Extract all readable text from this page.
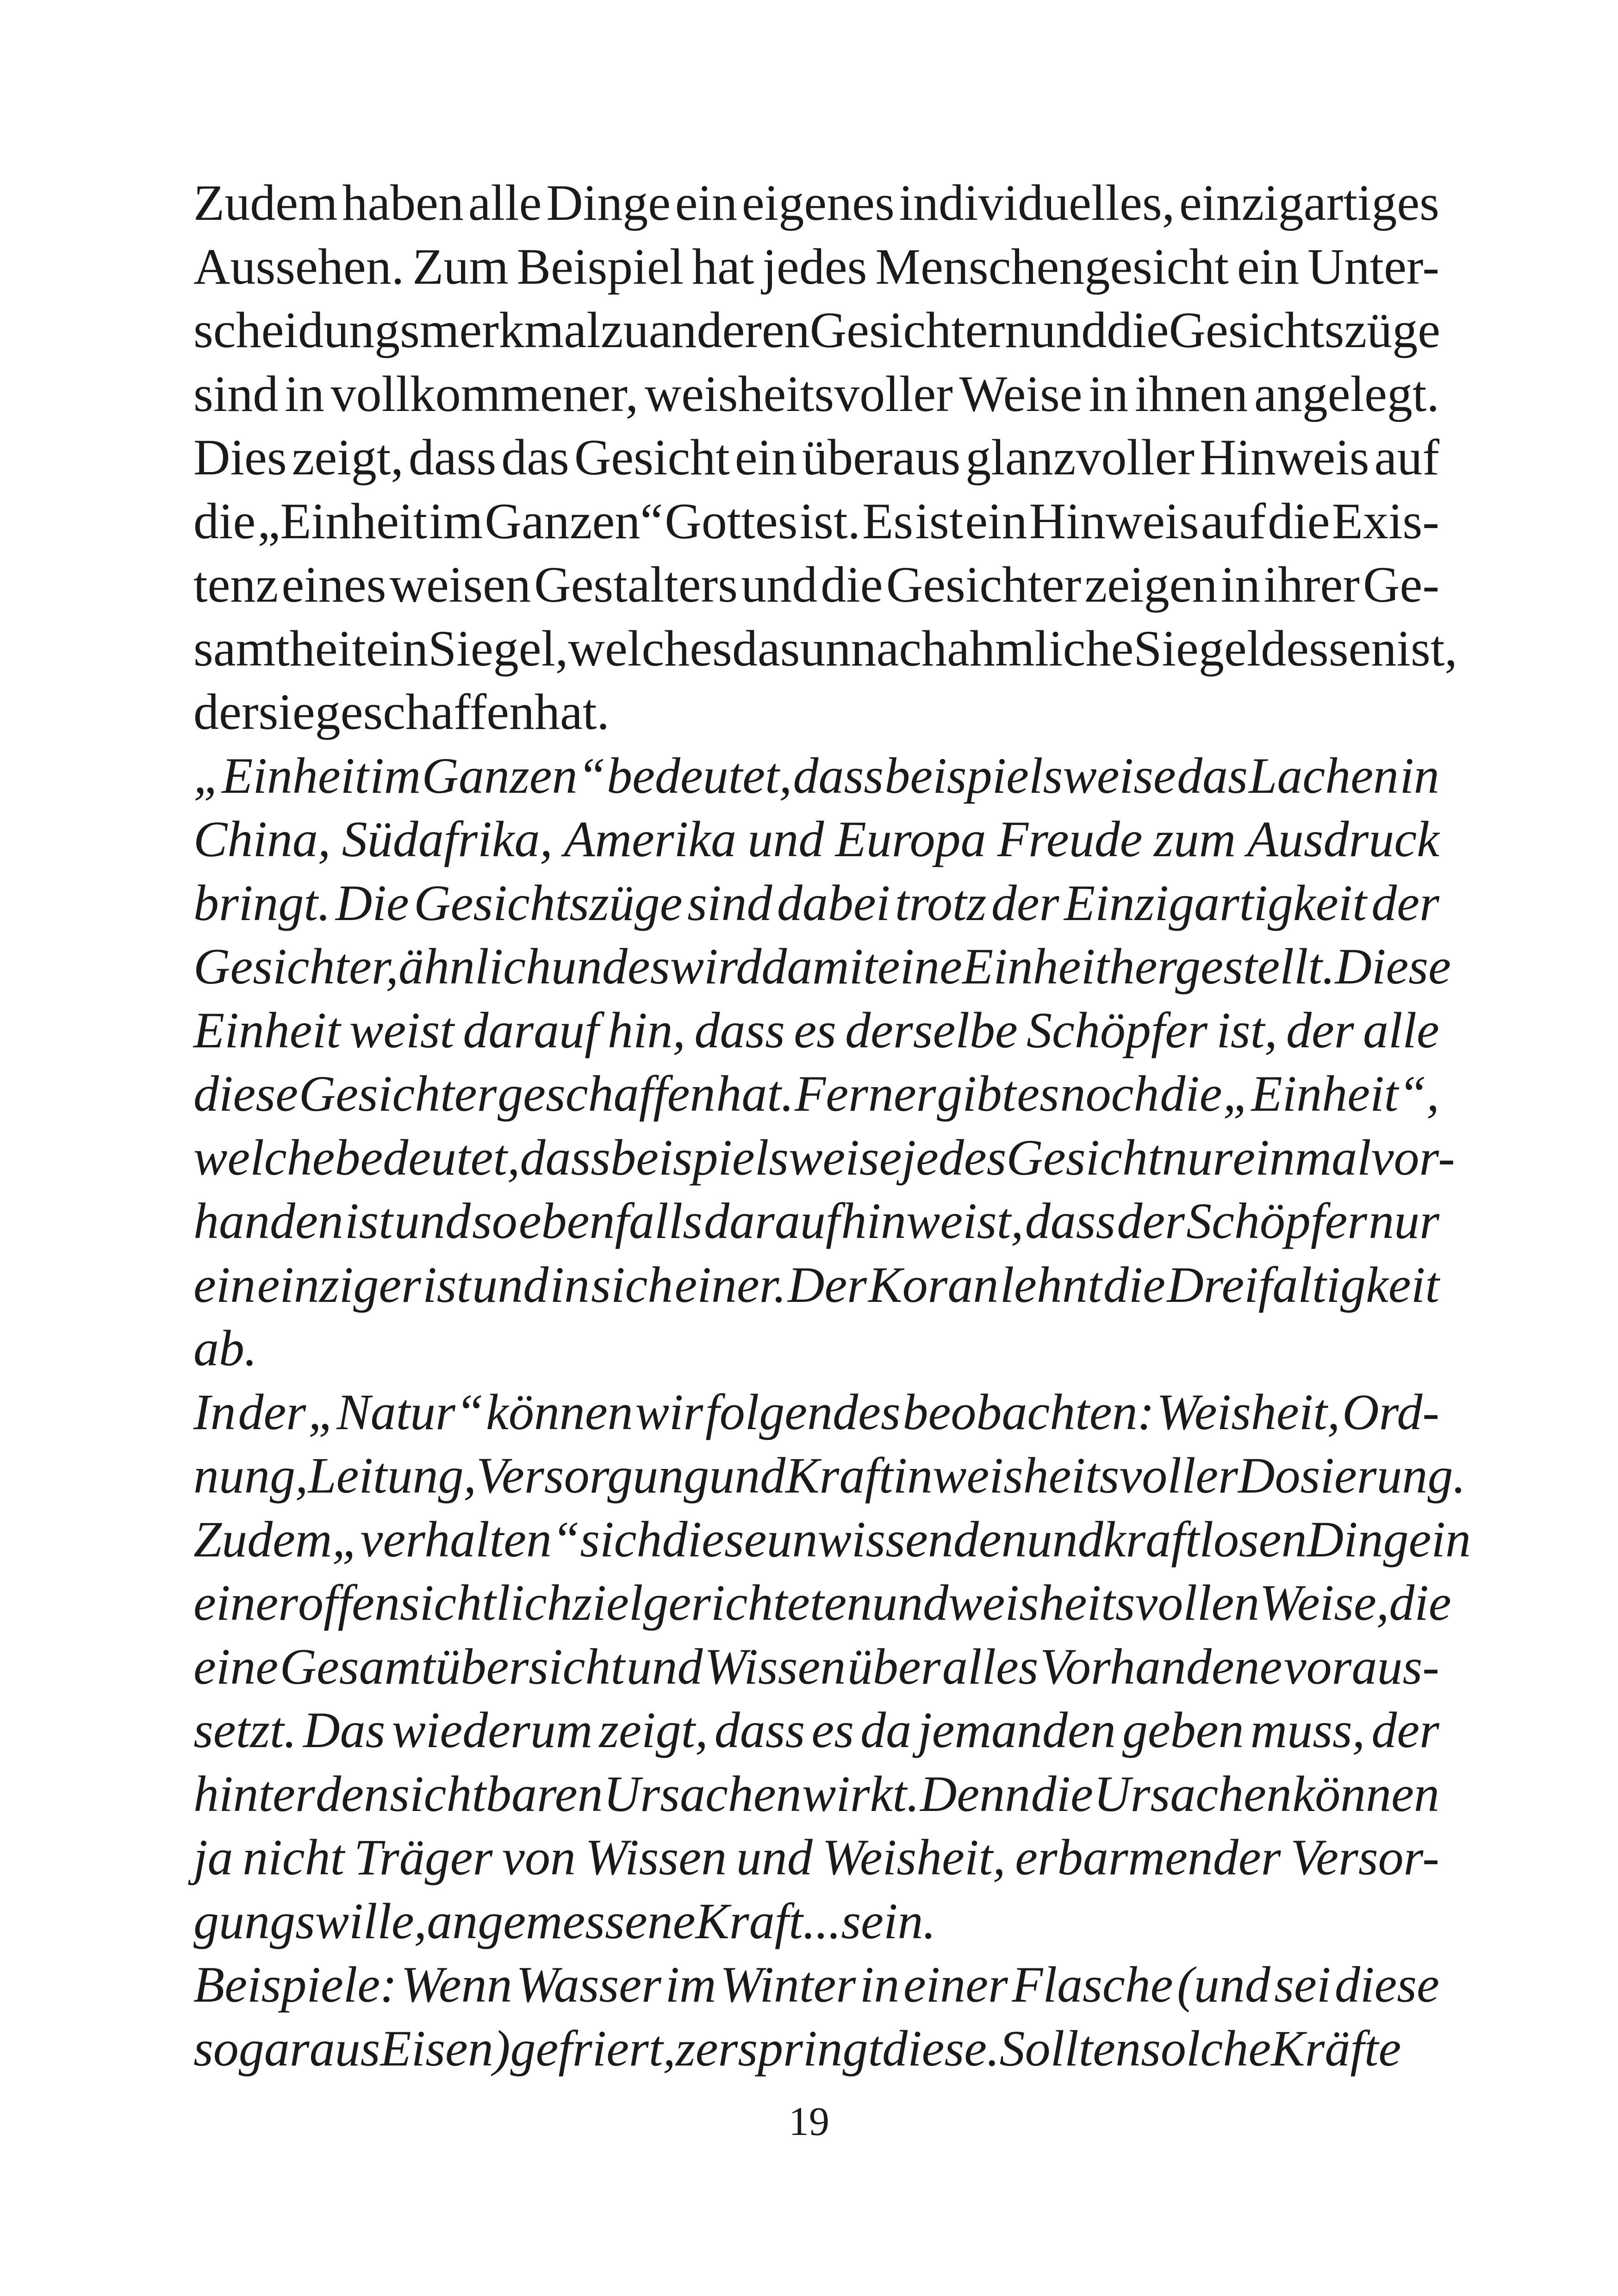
Zudem haben alle Dinge ein eigenes individuelles, einzigartiges
Aussehen. Zum Beispiel hat jedes Menschengesicht ein Unter-
scheidungsmerkmal zu anderen Gesichtern und die Gesichtszüge
sind in vollkommener, weisheitsvoller Weise in ihnen angelegt.
Dies zeigt, dass das Gesicht ein überaus glanzvoller Hinweis auf
die „Einheit im Ganzen“ Gottes ist. Es ist ein Hinweis auf die Exis-
tenz eines weisen Gestalters und die Gesichter zeigen in ihrer Ge-
samtheit ein Siegel, welches das unnachahmliche Siegel dessen ist,
der sie geschaffen hat.
„Einheit im Ganzen“ bedeutet, dass beispielsweise das Lachen in
China, Südafrika, Amerika und Europa Freude zum Ausdruck
bringt. Die Gesichtszüge sind dabei trotz der Einzigartigkeit der
Gesichter, ähnlich und es wird damit eine Einheit hergestellt. Diese
Einheit weist darauf hin, dass es derselbe Schöpfer ist, der alle
diese Gesichter geschaffen hat. Ferner gibt es noch die „Einheit“,
welche bedeutet, dass beispielsweise jedes Gesicht nur einmal vor-
handen ist und so ebenfalls darauf hinweist, dass der Schöpfer nur
ein einziger ist und in sich einer. Der Koran lehnt die Dreifaltigkeit
ab.
In der „Natur“ können wir folgendes beobachten: Weisheit, Ord-
nung, Leitung, Versorgung und Kraft in weisheitsvoller Dosierung.
Zudem „verhalten“ sich diese unwissenden und kraftlosen Dinge in
einer offensichtlich zielgerichteten und weisheitsvollen Weise, die
eine Gesamtübersicht und Wissen über alles Vorhandene voraus-
setzt. Das wiederum zeigt, dass es da jemanden geben muss, der
hinter den sichtbaren Ursachen wirkt. Denn die Ursachen können
ja nicht Träger von Wissen und Weisheit, erbarmender Versor-
gungswille, angemessene Kraft ... sein.
Beispiele: Wenn Wasser im Winter in einer Flasche (und sei diese
sogar aus Eisen) gefriert, zerspringt diese. Sollten solche Kräfte
19
